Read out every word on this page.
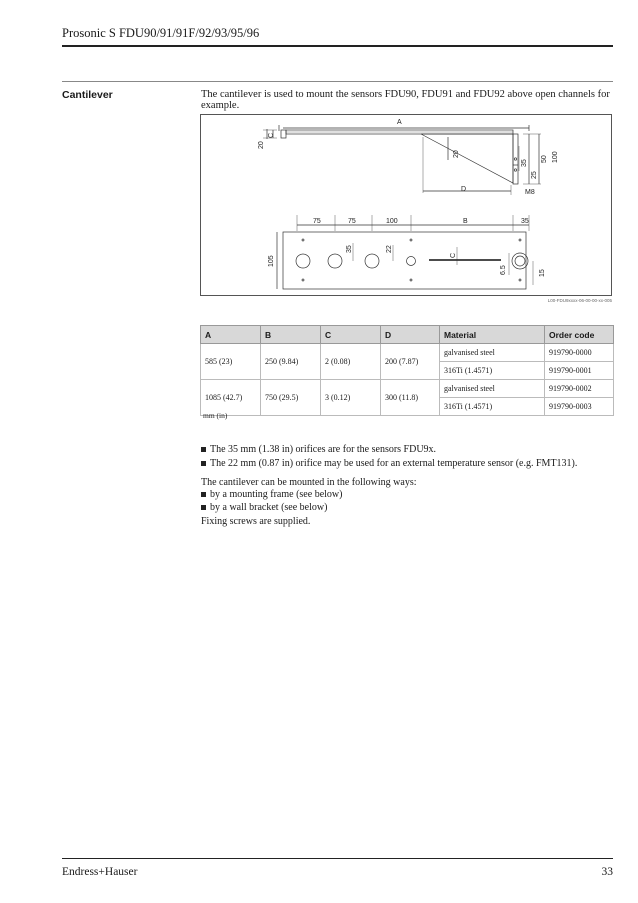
Prosonic S FDU90/91/91F/92/93/95/96
Cantilever	The cantilever is used to mount the sensors FDU90, FDU91 and FDU92 above open channels for example.
A
D	M8
20
C
20
35
25
50 100
75	75	100	B	35
105
35	22
C
6.5	15
L00-FDU9xxxx-06-00-00-xx-005
A	B	C	D	Material	Order code
585 (23)	250 (9.84)	2 (0.08)	200 (7.87)	galvanised steel	919790-0000
				316Ti (1.4571)	919790-0001
1085 (42.7)	750 (29.5)	3 (0.12)	300 (11.8)	galvanised steel	919790-0002
				316Ti (1.4571)	919790-0003
mm (in)
The 35 mm (1.38 in) orifices are for the sensors FDU9x.
The 22 mm (0.87 in) orifice may be used for an external temperature sensor (e.g. FMT131).
The cantilever can be mounted in the following ways:
by a mounting frame (see below)
by a wall bracket (see below)
Fixing screws are supplied.
Endress+Hauser	33
